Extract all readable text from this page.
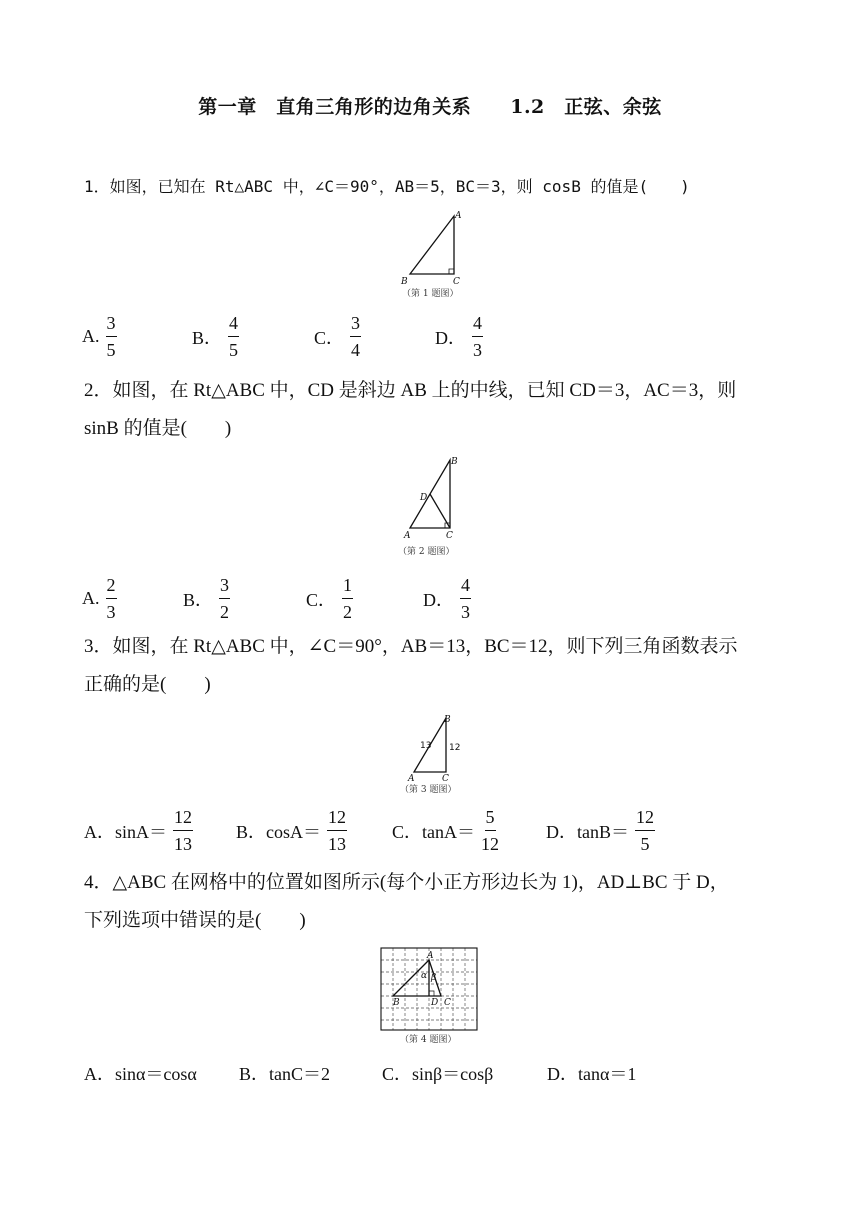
第一章　直角三角形的边角关系　　1.2　正弦、余弦
1．如图，已知在 Rt△ABC 中，∠C＝90°，AB＝5，BC＝3，则 cosB 的值是(　　)
A
B	C
（第 1 题图）
A. $\frac{3}{5}$	B． $\frac{4}{5}$	C． $\frac{3}{4}$	D． $\frac{4}{3}$
2．如图，在 Rt△ABC 中，CD 是斜边 AB 上的中线，已知 CD＝3，AC＝3，则
sinB 的值是(　　)
B
D
A	C
（第 2 题图）
A. $\frac{2}{3}$	B． $\frac{3}{2}$	C． $\frac{1}{2}$	D． $\frac{4}{3}$
3．如图，在 Rt△ABC 中，∠C＝90°，AB＝13，BC＝12，则下列三角函数表示
正确的是(　　)
B
A	C
13 12
（第 3 题图）
A．$\sin A= \frac{12}{13}$ B．$\cos A= \frac{12}{13}$	C．$\tan A= \frac{5}{12}$	D．$\tan B= \frac{12}{5}$
4．△ABC 在网格中的位置如图所示(每个小正方形边长为 1)，AD⊥BC 于 D，
下列选项中错误的是(　　)
A
B	D C
α β
（第 4 题图）
A．sinα＝cosα B．tanC＝2	C．sinβ＝cosβ	D．tanα＝1
